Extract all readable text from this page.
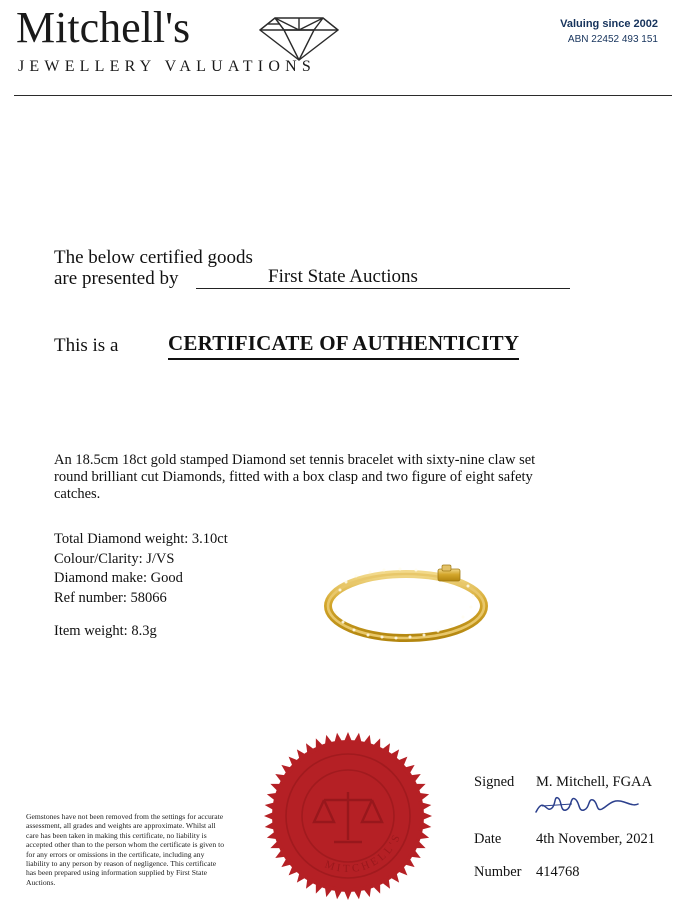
Mitchell's
JEWELLERY VALUATIONS
Valuing since 2002
ABN 22452 493 151
The below certified goods
are presented by	First State Auctions
This is a CERTIFICATE OF AUTHENTICITY
An 18.5cm 18ct gold stamped Diamond set tennis bracelet with sixty-nine claw set round brilliant cut Diamonds, fitted with a box clasp and two figure of eight safety catches.
Total Diamond weight: 3.10ct
Colour/Clarity: J/VS
Diamond make: Good
Ref number: 58066
Item weight: 8.3g
Gemstones have not been removed from the settings for accurate assessment, all grades and weights are approximate. Whilst all care has been taken in making this certificate, no liability is accepted other than to the person whom the certificate is given to for any errors or omissions in the certificate, including any liability to any person by reason of negligence. This certificate has been prepared using information supplied by First State Auctions.
MITCHELL'S
Signed M. Mitchell, FGAA
Date 4th November, 2021
Number 414768
